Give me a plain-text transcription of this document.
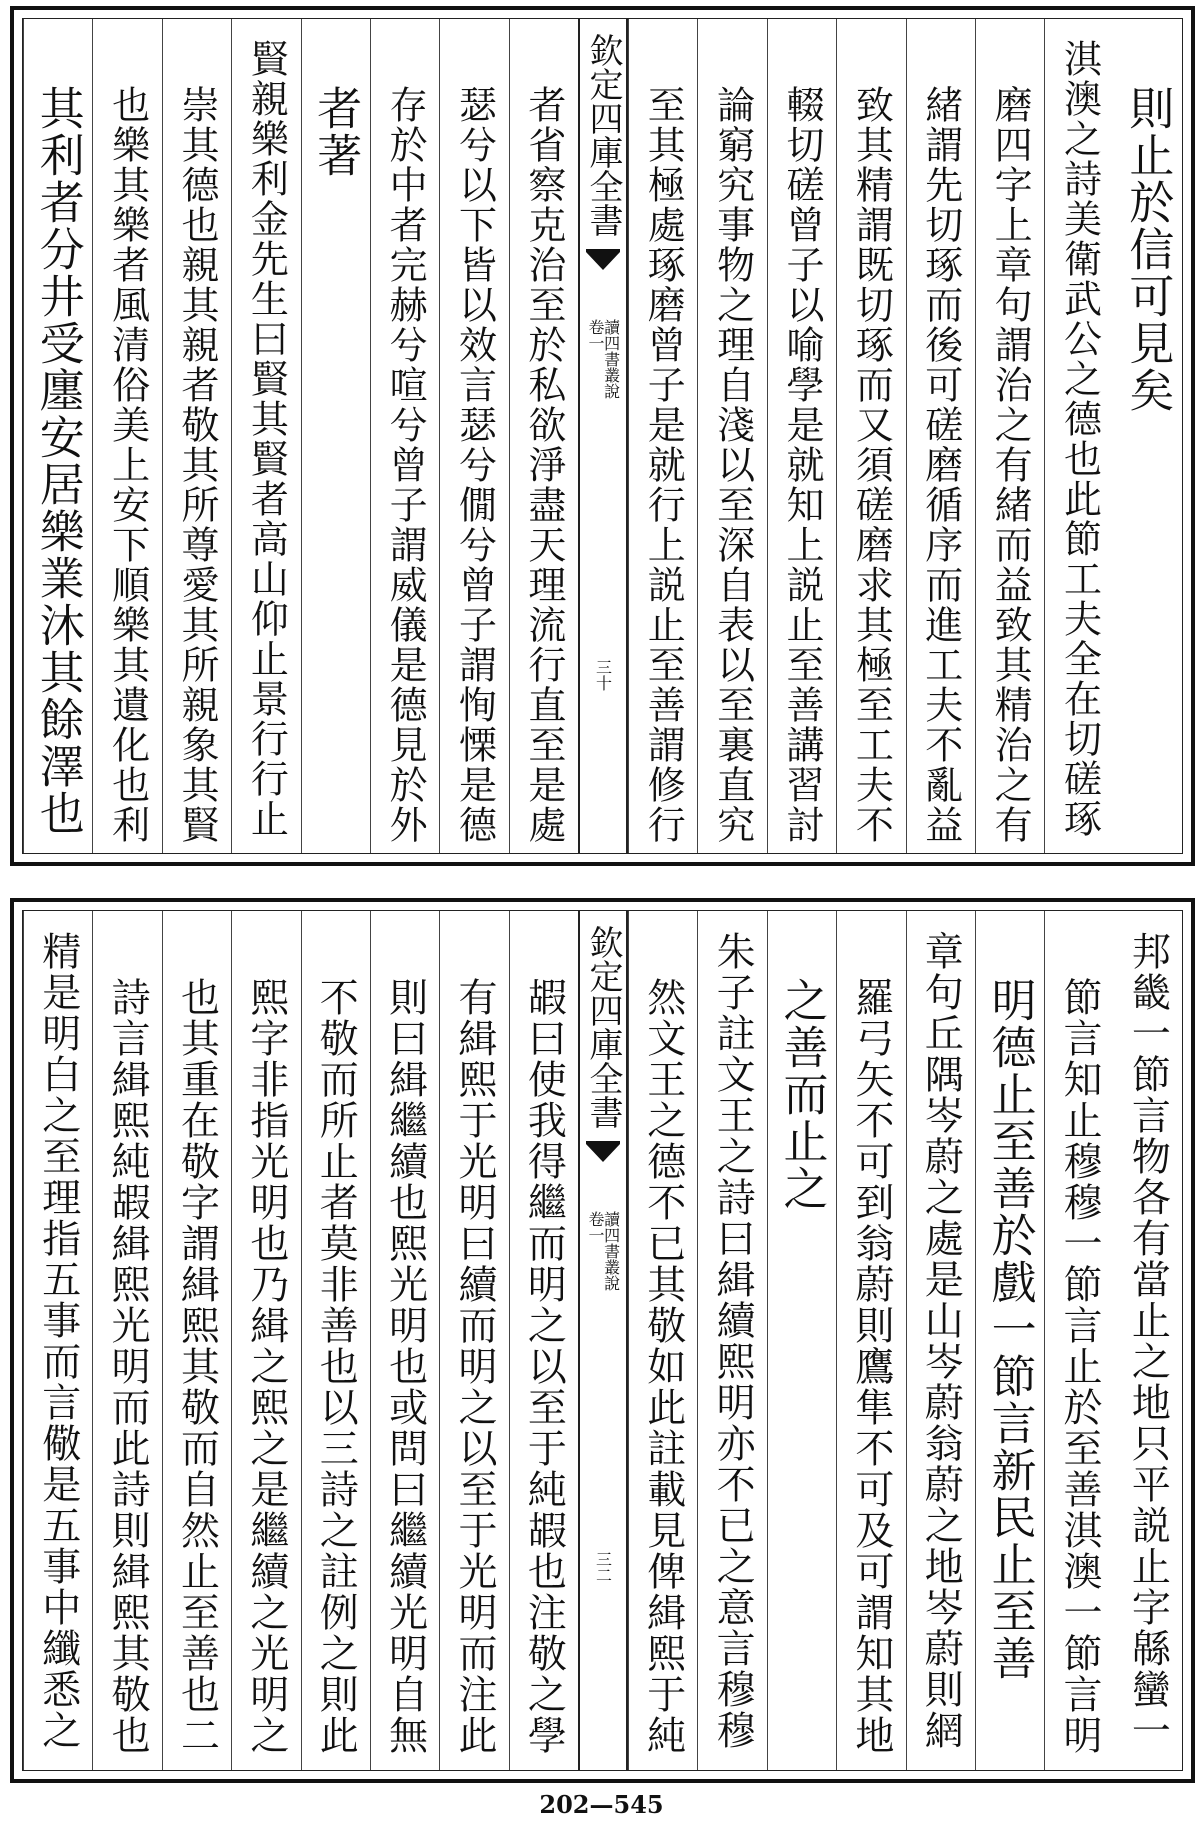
則止於信可見矣
淇澳之詩美衛武公之德也此節工夫全在切磋琢
磨四字上章句謂治之有緒而益致其精治之有
緒謂先切琢而後可磋磨循序而進工夫不亂益
致其精謂既切琢而又須磋磨求其極至工夫不
輟切磋曾子以喻學是就知上説止至善講習討
論窮究事物之理自淺以至深自表以至裏直究
至其極處琢磨曾子是就行上説止至善謂修行
欽定四庫全書
讀四書叢說
卷一
三十
者省察克治至於私欲淨盡天理流行直至是處
瑟兮以下皆以效言瑟兮僩兮曾子謂恂慄是德
存於中者完赫兮喧兮曾子謂威儀是德見於外
者著
賢親樂利金先生曰賢其賢者高山仰止景行行止
崇其德也親其親者敬其所尊愛其所親象其賢
也樂其樂者風清俗美上安下順樂其遺化也利
其利者分井受廛安居樂業沐其餘澤也
邦畿一節言物各有當止之地只平説止字緜蠻一
節言知止穆穆一節言止於至善淇澳一節言明
明德止至善於戲一節言新民止至善
章句丘隅岑蔚之處是山岑蔚翁蔚之地岑蔚則網
羅弓矢不可到翁蔚則鷹隼不可及可謂知其地
之善而止之
朱子註文王之詩曰緝續熙明亦不已之意言穆穆
然文王之德不已其敬如此註載見俾緝熙于純
欽定四庫全書
讀四書叢說
卷一
三二
嘏曰使我得繼而明之以至于純嘏也注敬之學
有緝熙于光明曰續而明之以至于光明而注此
則曰緝繼續也熙光明也或問曰繼續光明自無
不敬而所止者莫非善也以三詩之註例之則此
熙字非指光明也乃緝之熙之是繼續之光明之
也其重在敬字謂緝熙其敬而自然止至善也二
詩言緝熙純嘏緝熙光明而此詩則緝熙其敬也
精是明白之至理指五事而言儆是五事中纖悉之
202—545
